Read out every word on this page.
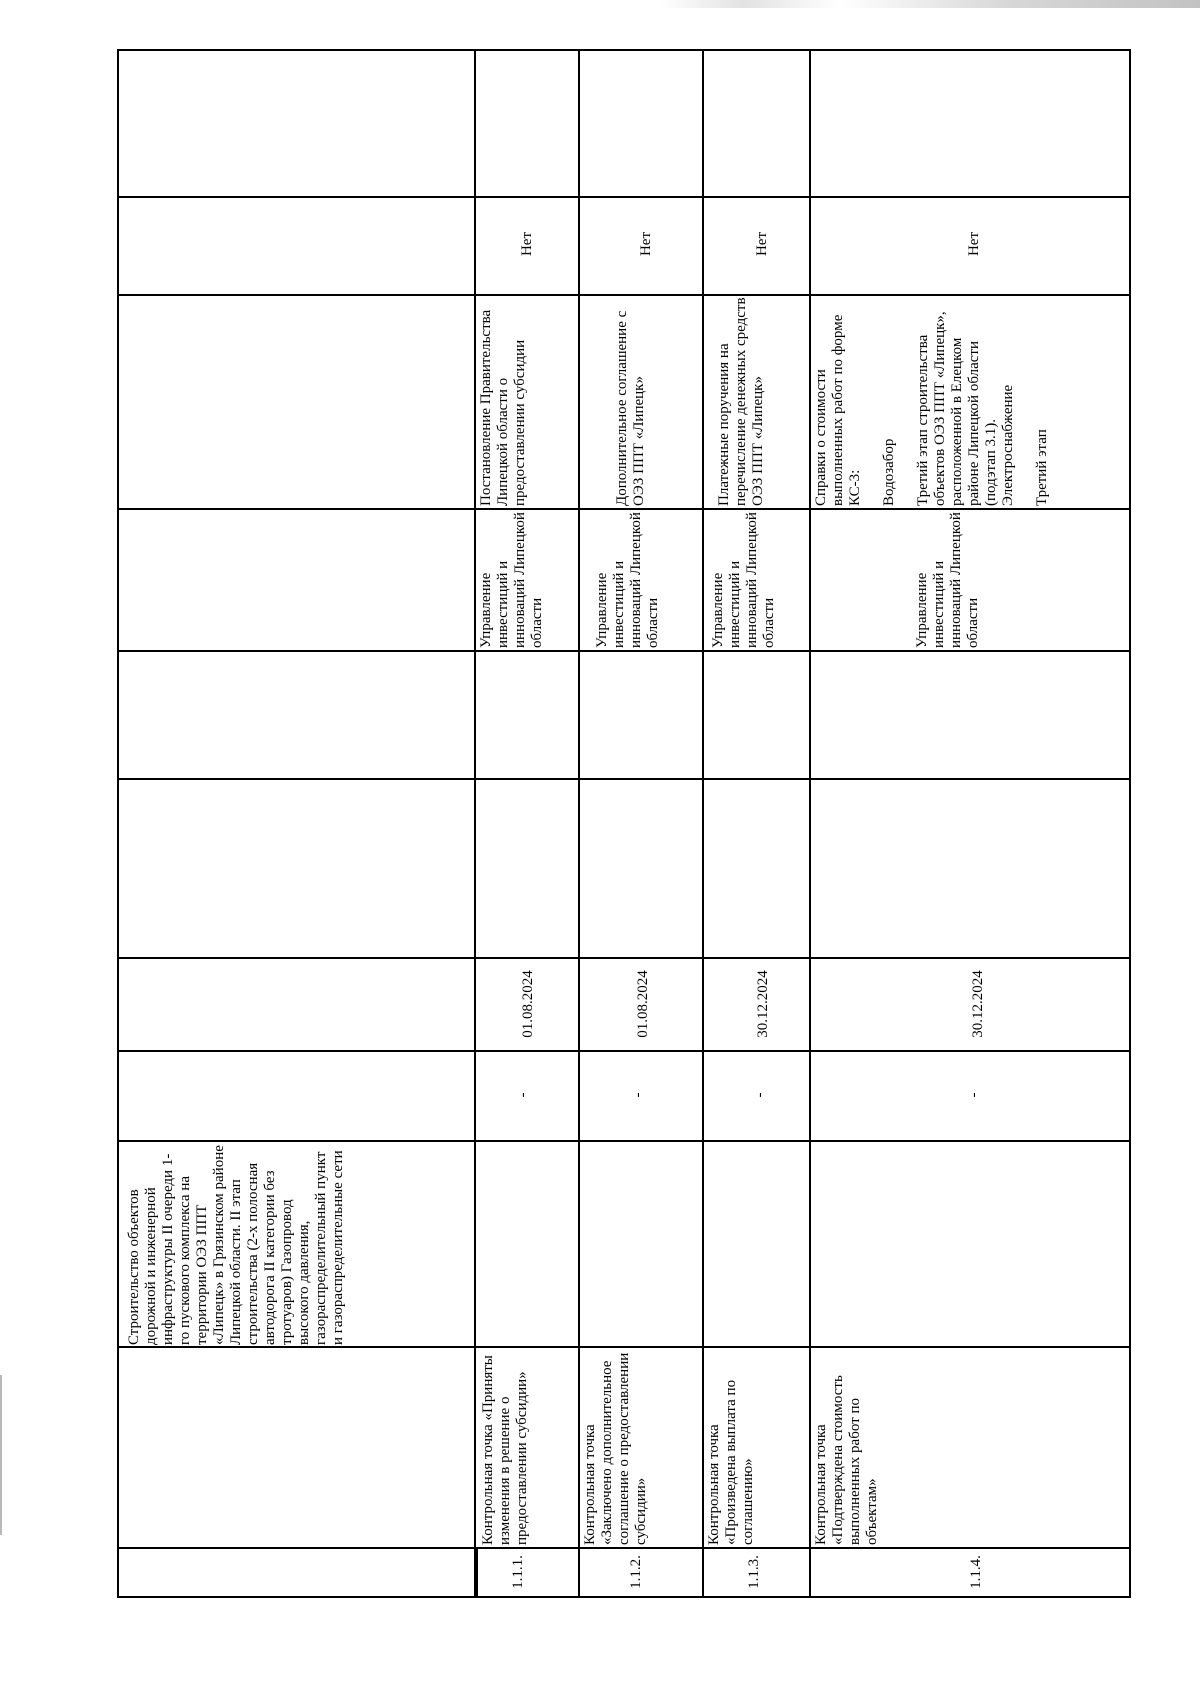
Строительство объектов дорожной и инженерной инфраструктуры II очереди 1-го пускового комплекса на территории ОЭЗ ППТ «Липецк» в Грязинском районе Липецкой области. II этап строительства (2-х полосная автодорога II категории без тротуаров) Газопровод высокого давления, газораспределительный пункт и газораспределительные сети
1.1.1.
Контрольная точка «Приняты изменения в решение о предоставлении субсидии»
-
01.08.2024
Управление инвестиций и инноваций Липецкой области
Постановление Правительства Липецкой области о предоставлении субсидии
Нет
1.1.2.
Контрольная точка «Заключено дополнительное соглашение о предоставлении субсидии»
-
01.08.2024
Управление инвестиций и инноваций Липецкой области
Дополнительное соглашение с ОЭЗ ППТ «Липецк»
Нет
1.1.3.
Контрольная точка «Произведена выплата по соглашению»
-
30.12.2024
Управление инвестиций и инноваций Липецкой области
Платежные поручения на перечисление денежных средств ОЭЗ ППТ «Липецк»
Нет
1.1.4.
Контрольная точка «Подтверждена стоимость выполненных работ по объектам»
-
30.12.2024
Управление инвестиций и инноваций Липецкой области
Справки о стоимости выполненных работ по форме КС-3:

Водозабор

Третий этап строительства объектов ОЭЗ ППТ «Липецк», расположенной в Елецком районе Липецкой области (подэтап 3.1).
Электроснабжение

Третий этап
Нет
